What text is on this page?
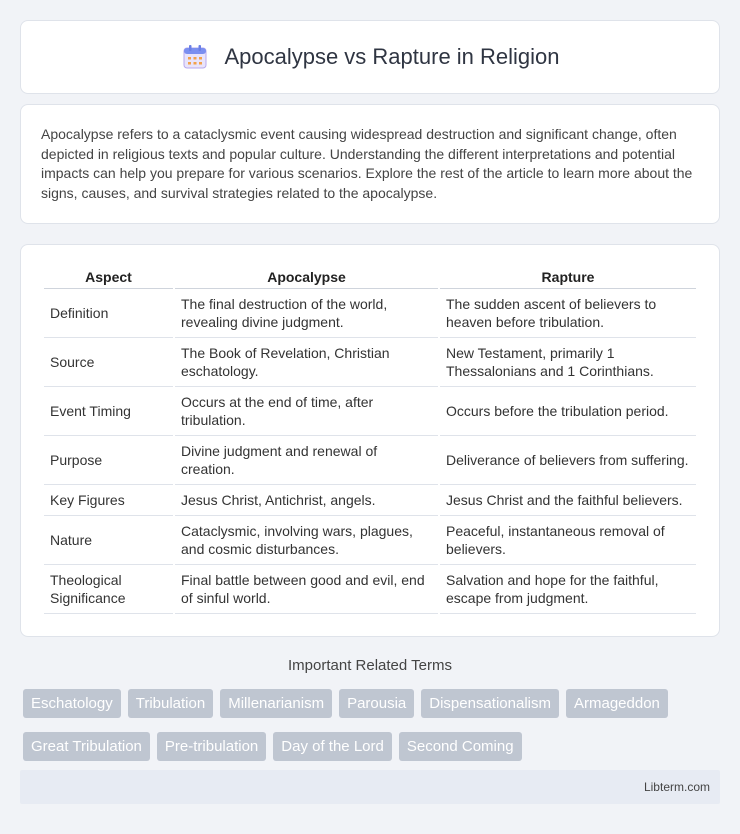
Apocalypse vs Rapture in Religion

Apocalypse refers to a cataclysmic event causing widespread destruction and significant change, often depicted in religious texts and popular culture. Understanding the different interpretations and potential impacts can help you prepare for various scenarios. Explore the rest of the article to learn more about the signs, causes, and survival strategies related to the apocalypse.

Aspect	Apocalypse	Rapture
Definition	The final destruction of the world, revealing divine judgment.	The sudden ascent of believers to heaven before tribulation.
Source	The Book of Revelation, Christian eschatology.	New Testament, primarily 1 Thessalonians and 1 Corinthians.
Event Timing	Occurs at the end of time, after tribulation.	Occurs before the tribulation period.
Purpose	Divine judgment and renewal of creation.	Deliverance of believers from suffering.
Key Figures	Jesus Christ, Antichrist, angels.	Jesus Christ and the faithful believers.
Nature	Cataclysmic, involving wars, plagues, and cosmic disturbances.	Peaceful, instantaneous removal of believers.
Theological Significance	Final battle between good and evil, end of sinful world.	Salvation and hope for the faithful, escape from judgment.
Important Related Terms
Eschatology	Tribulation	Millenarianism	Parousia	Dispensationalism	Armageddon
Great Tribulation	Pre-tribulation	Day of the Lord	Second Coming
Libterm.com
